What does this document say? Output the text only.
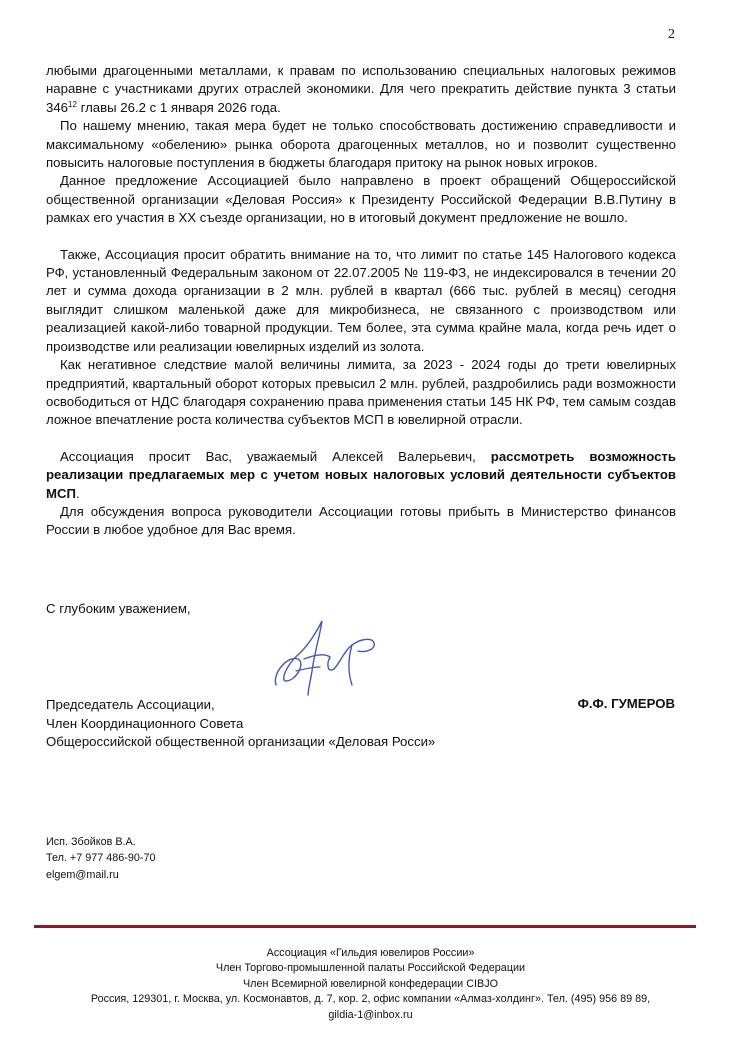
2

любыми драгоценными металлами, к правам по использованию специальных налоговых режимов наравне с участниками других отраслей экономики. Для чего прекратить действие пункта 3 статьи $346^{12}$ главы 26.2 с 1 января 2026 года.

По нашему мнению, такая мера будет не только способствовать достижению справедливости и максимальному «обелению» рынка оборота драгоценных металлов, но и позволит существенно повысить налоговые поступления в бюджеты благодаря притоку на рынок новых игроков.

Данное предложение Ассоциацией было направлено в проект обращений Общероссийской общественной организации «Деловая Россия» к Президенту Российской Федерации В.В.Путину в рамках его участия в XX съезде организации, но в итоговый документ предложение не вошло.

Также, Ассоциация просит обратить внимание на то, что лимит по статье 145 Налогового кодекса РФ, установленный Федеральным законом от 22.07.2005 № 119-ФЗ, не индексировался в течении 20 лет и сумма дохода организации в 2 млн. рублей в квартал (666 тыс. рублей в месяц) сегодня выглядит слишком маленькой даже для микробизнеса, не связанного с производством или реализацией какой-либо товарной продукции. Тем более, эта сумма крайне мала, когда речь идет о производстве или реализации ювелирных изделий из золота.

Как негативное следствие малой величины лимита, за 2023 - 2024 годы до трети ювелирных предприятий, квартальный оборот которых превысил 2 млн. рублей, раздробились ради возможности освободиться от НДС благодаря сохранению права применения статьи 145 НК РФ, тем самым создав ложное впечатление роста количества субъектов МСП в ювелирной отрасли.

Ассоциация просит Вас, уважаемый Алексей Валерьевич, рассмотреть возможность реализации предлагаемых мер с учетом новых налоговых условий деятельности субъектов МСП.

Для обсуждения вопроса руководители Ассоциации готовы прибыть в Министерство финансов России в любое удобное для Вас время.

С глубоким уважением,
Председатель Ассоциации,
Член Координационного Совета
Общероссийской общественной организации «Деловая Росси»
Ф.Ф. ГУМЕРОВ
Исп. Збойков В.А.
Тел. +7 977 486-90-70
elgem@mail.ru
Ассоциация «Гильдия ювелиров России»
Член Торгово-промышленной палаты Российской Федерации
Член Всемирной ювелирной конфедерации CIBJO
Россия, 129301, г. Москва, ул. Космонавтов, д. 7, кор. 2, офис компании «Алмаз-холдинг». Тел. (495) 956 89 89,
gildia-1@inbox.ru
